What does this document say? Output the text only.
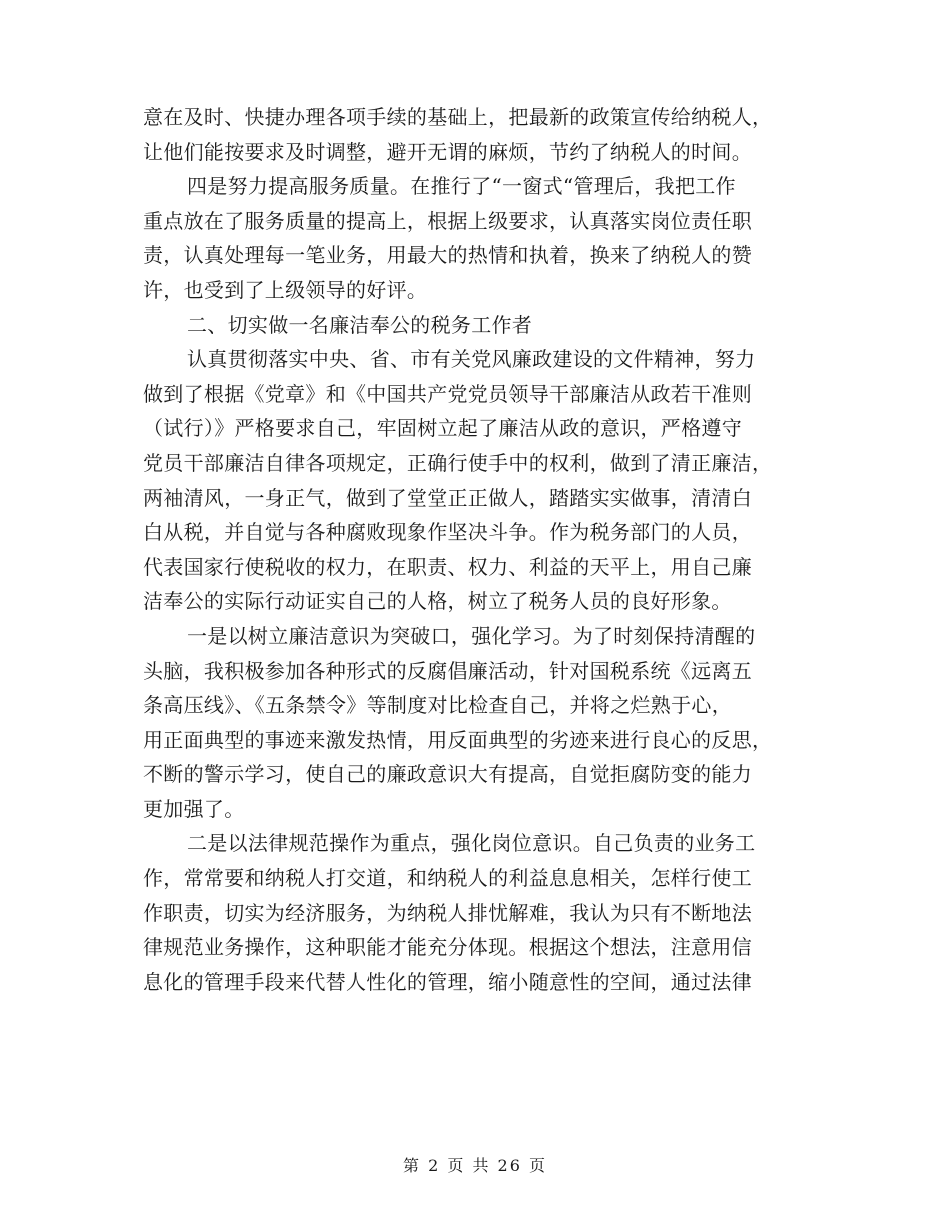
意在及时、快捷办理各项手续的基础上，把最新的政策宣传给纳税人，
让他们能按要求及时调整，避开无谓的麻烦，节约了纳税人的时间。
四是努力提高服务质量。在推行了“一窗式“管理后，我把工作
重点放在了服务质量的提高上，根据上级要求，认真落实岗位责任职
责，认真处理每一笔业务，用最大的热情和执着，换来了纳税人的赞
许，也受到了上级领导的好评。
二、切实做一名廉洁奉公的税务工作者
认真贯彻落实中央、省、市有关党风廉政建设的文件精神，努力
做到了根据《党章》和《中国共产党党员领导干部廉洁从政若干准则
（试行）》严格要求自己，牢固树立起了廉洁从政的意识，严格遵守
党员干部廉洁自律各项规定，正确行使手中的权利，做到了清正廉洁，
两袖清风，一身正气，做到了堂堂正正做人，踏踏实实做事，清清白
白从税，并自觉与各种腐败现象作坚决斗争。作为税务部门的人员，
代表国家行使税收的权力，在职责、权力、利益的天平上，用自己廉
洁奉公的实际行动证实自己的人格，树立了税务人员的良好形象。
一是以树立廉洁意识为突破口，强化学习。为了时刻保持清醒的
头脑，我积极参加各种形式的反腐倡廉活动，针对国税系统《远离五
条高压线》、《五条禁令》等制度对比检查自己，并将之烂熟于心，
用正面典型的事迹来激发热情，用反面典型的劣迹来进行良心的反思，
不断的警示学习，使自己的廉政意识大有提高，自觉拒腐防变的能力
更加强了。
二是以法律规范操作为重点，强化岗位意识。自己负责的业务工
作，常常要和纳税人打交道，和纳税人的利益息息相关，怎样行使工
作职责，切实为经济服务，为纳税人排忧解难，我认为只有不断地法
律规范业务操作，这种职能才能充分体现。根据这个想法，注意用信
息化的管理手段来代替人性化的管理，缩小随意性的空间，通过法律
第 2 页 共 26 页
